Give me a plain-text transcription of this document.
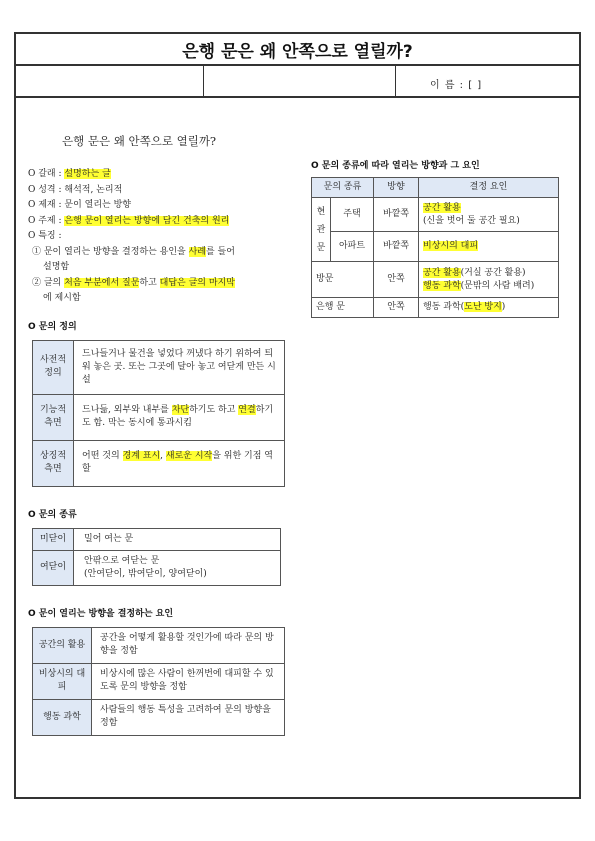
은행 문은 왜 안쪽으로 열릴까?
이 름 : [ ]
은행 문은 왜 안쪽으로 열릴까?
O 갈래 : 설명하는 글
O 성격 : 해석적, 논리적
O 제재 : 문이 열리는 방향
O 주제 : 은행 문이 열리는 방향에 담긴 건축의 원리
O 특징 :
① 문이 열리는 방향을 결정하는 용인을 사례를 들어
설명함
② 글의 처음 부분에서 질문하고 대답은 글의 마지막
에 제시함
O 문의 정의
사전적 정의	드나들거나 물건을 넣었다 꺼냈다 하기 위하여 틔워 놓은 곳. 또는 그곳에 달아 놓고 여닫게 만든 시설
기능적 측면	드나듦, 외부와 내부를 차단하기도 하고 연결하기도 함. 막는 동시에 통과시킴
상징적 측면	어떤 것의 경계 표시, 새로운 시작을 위한 기점 역할
O 문의 종류
미닫이	밀어 여는 문
여닫이	안팎으로 여닫는 문
(안여닫이, 밖여닫이, 양여닫이)
O 문이 열리는 방향을 결정하는 요인
공간의 활용	공간을 어떻게 활용할 것인가에 따라 문의 방향을 정함
비상시의 대피	비상시에 많은 사람이 한꺼번에 대피할 수 있도록 문의 방향을 정함
행동 과학	사람들의 행동 특성을 고려하여 문의 방향을 정함
O 문의 종류에 따라 열리는 방향과 그 요인
문의 종류		방향	결정 요인
현관문	주택	바깥쪽	공간 활용
(신을 벗어 둘 공간 필요)

	아파트	바깥쪽	비상시의 대피
방문		안쪽	공간 활용(거실 공간 활용)
행동 과학(문밖의 사람 배려)

은행 문		안쪽	행동 과학(도난 방지)
